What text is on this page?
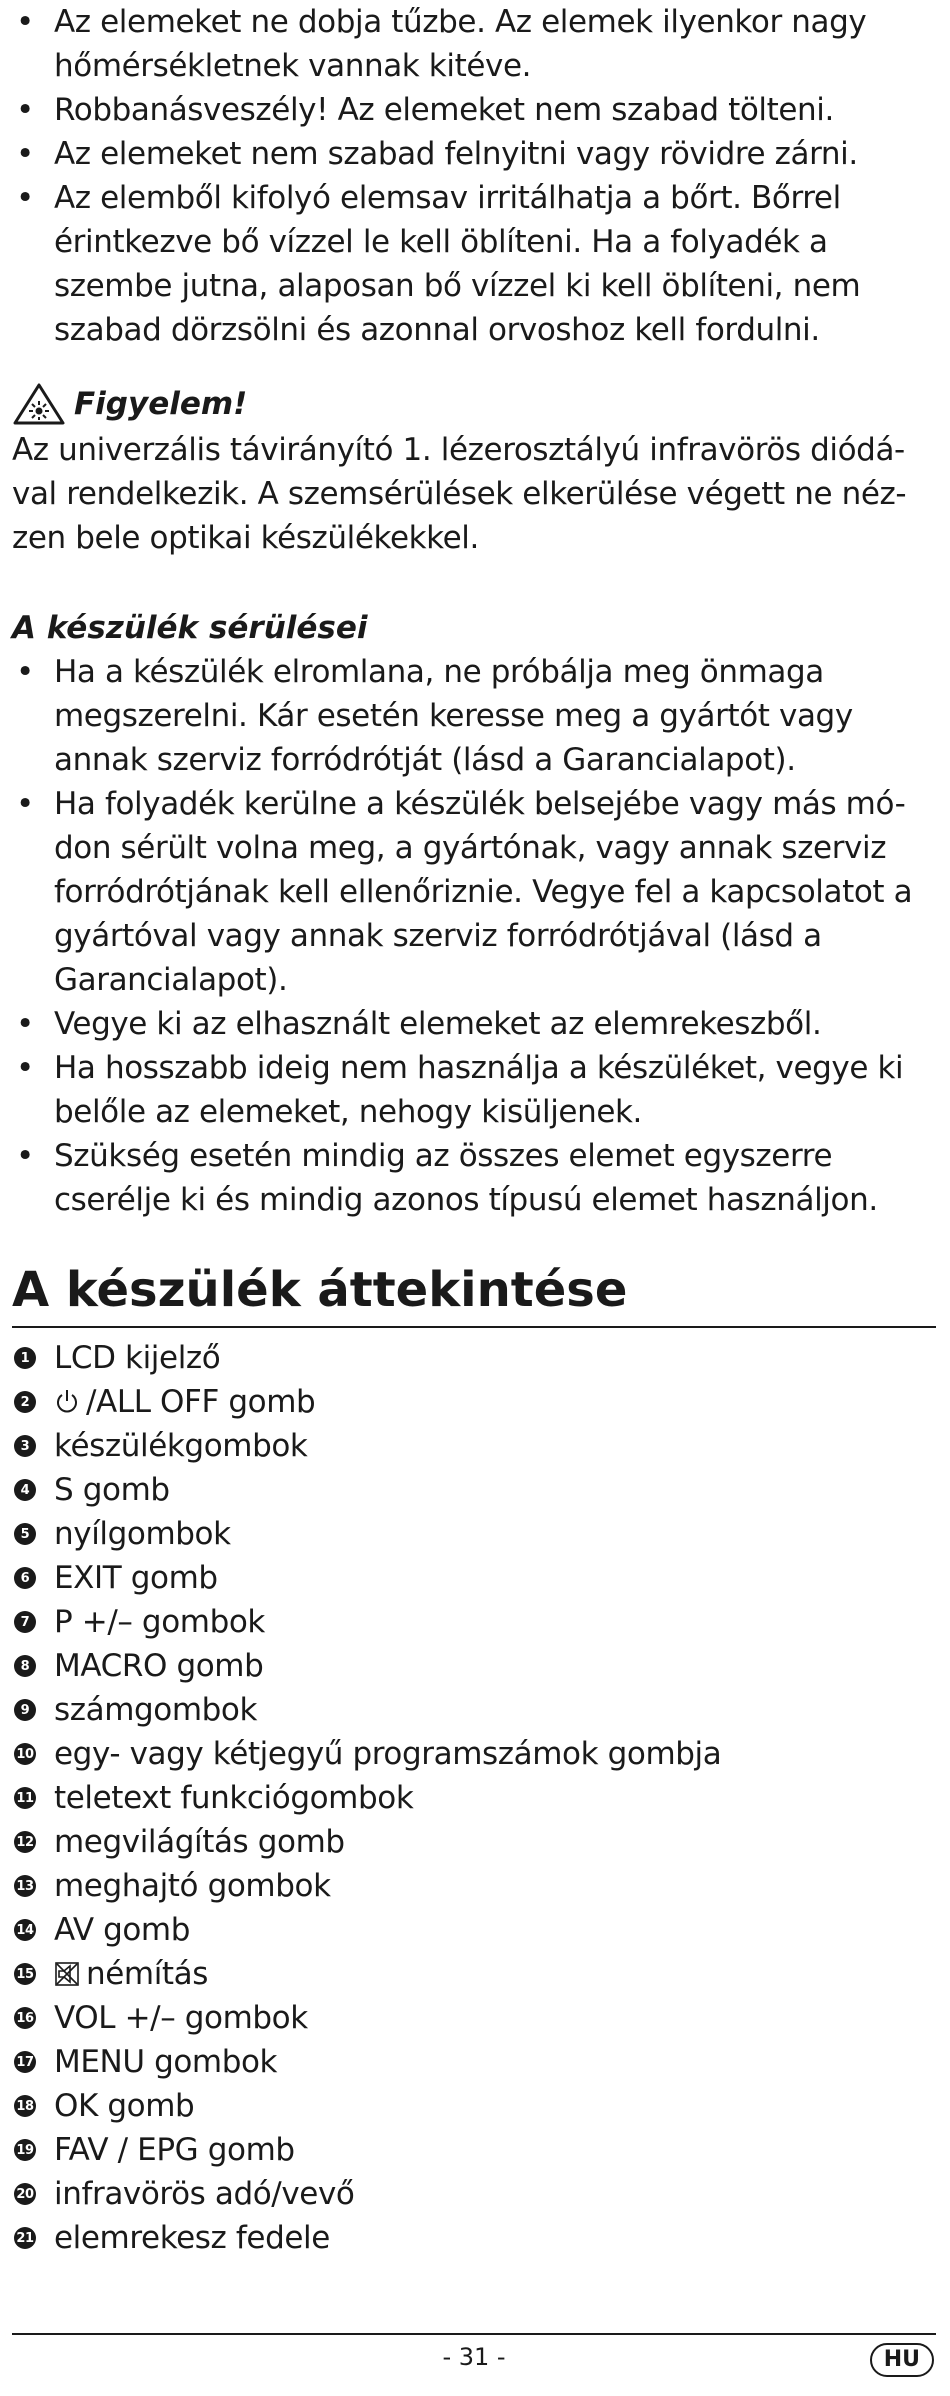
• Az elemeket ne dobja tűzbe. Az elemek ilyenkor nagy hőmérsékletnek vannak kitéve.
• Robbanásveszély! Az elemeket nem szabad tölteni.
• Az elemeket nem szabad felnyitni vagy rövidre zárni.
• Az elemből kifolyó elemsav irritálhatja a bőrt. Bőrrel érintkezve bő vízzel le kell öblíteni. Ha a folyadék a szembe jutna, alaposan bő vízzel ki kell öblíteni, nem szabad dörzsölni és azonnal orvoshoz kell fordulni.
Figyelem!

Az univerzális távirányító 1. lézerosztályú infravörös diódá-val rendelkezik. A szemsérülések elkerülése végett ne néz-zen bele optikai készülékekkel.

A készülék sérülései
• Ha a készülék elromlana, ne próbálja meg önmaga megszerelni. Kár esetén keresse meg a gyártót vagy annak szerviz forródrótját (lásd a Garancialapot).
• Ha folyadék kerülne a készülék belsejébe vagy más mó-don sérült volna meg, a gyártónak, vagy annak szerviz forródrótjának kell ellenőriznie. Vegye fel a kapcsolatot a gyártóval vagy annak szerviz forródrótjával (lásd a Garancialapot).
• Vegye ki az elhasznált elemeket az elemrekeszből.
• Ha hosszabb ideig nem használja a készüléket, vegye ki belőle az elemeket, nehogy kisüljenek.
• Szükség esetén mindig az összes elemet egyszerre cserélje ki és mindig azonos típusú elemet használjon.
A készülék áttekintése
1 LCD kijelző
2 /ALL OFF gomb
3 készülékgombok
4 S gomb
5 nyílgombok
6 EXIT gomb
7 P +/– gombok
8 MACRO gomb
9 számgombok
10 egy- vagy kétjegyű programszámok gombja
11 teletext funkciógombok
12 megvilágítás gomb
13 meghajtó gombok
14 AV gomb
15 némítás
16 VOL +/– gombok
17 MENU gombok
18 OK gomb
19 FAV / EPG gomb
20 infravörös adó/vevő
21 elemrekesz fedele
- 31 -	HU
